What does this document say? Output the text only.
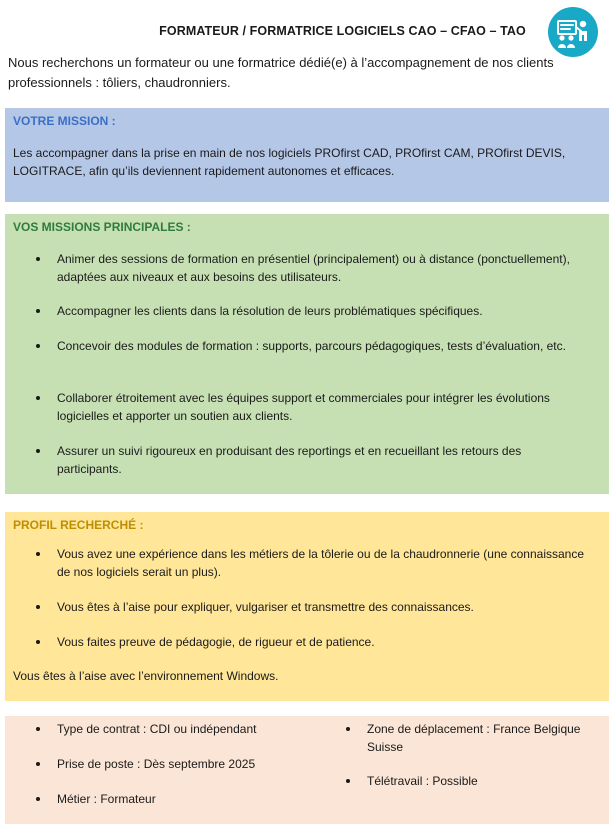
FORMATEUR / FORMATRICE LOGICIELS CAO – CFAO – TAO
Nous recherchons un formateur ou une formatrice dédié(e) à l’accompagnement de nos clients professionnels : tôliers, chaudronniers.
VOTRE MISSION :
Les accompagner dans la prise en main de nos logiciels PROfirst CAD, PROfirst CAM, PROfirst DEVIS, LOGITRACE, afin qu’ils deviennent rapidement autonomes et efficaces.
VOS MISSIONS PRINCIPALES :
Animer des sessions de formation en présentiel (principalement) ou à distance (ponctuellement), adaptées aux niveaux et aux besoins des utilisateurs.
Accompagner les clients dans la résolution de leurs problématiques spécifiques.
Concevoir des modules de formation : supports, parcours pédagogiques, tests d’évaluation, etc.
Collaborer étroitement avec les équipes support et commerciales pour intégrer les évolutions logicielles et apporter un soutien aux clients.
Assurer un suivi rigoureux en produisant des reportings et en recueillant les retours des participants.
PROFIL RECHERCHÉ :
Vous avez une expérience dans les métiers de la tôlerie ou de la chaudronnerie (une connaissance de nos logiciels serait un plus).
Vous êtes à l’aise pour expliquer, vulgariser et transmettre des connaissances.
Vous faites preuve de pédagogie, de rigueur et de patience.
Vous êtes à l’aise avec l’environnement Windows.
Type de contrat : CDI ou indépendant
Prise de poste : Dès septembre 2025
Métier : Formateur
Zone de déplacement : France Belgique Suisse
Télétravail : Possible
